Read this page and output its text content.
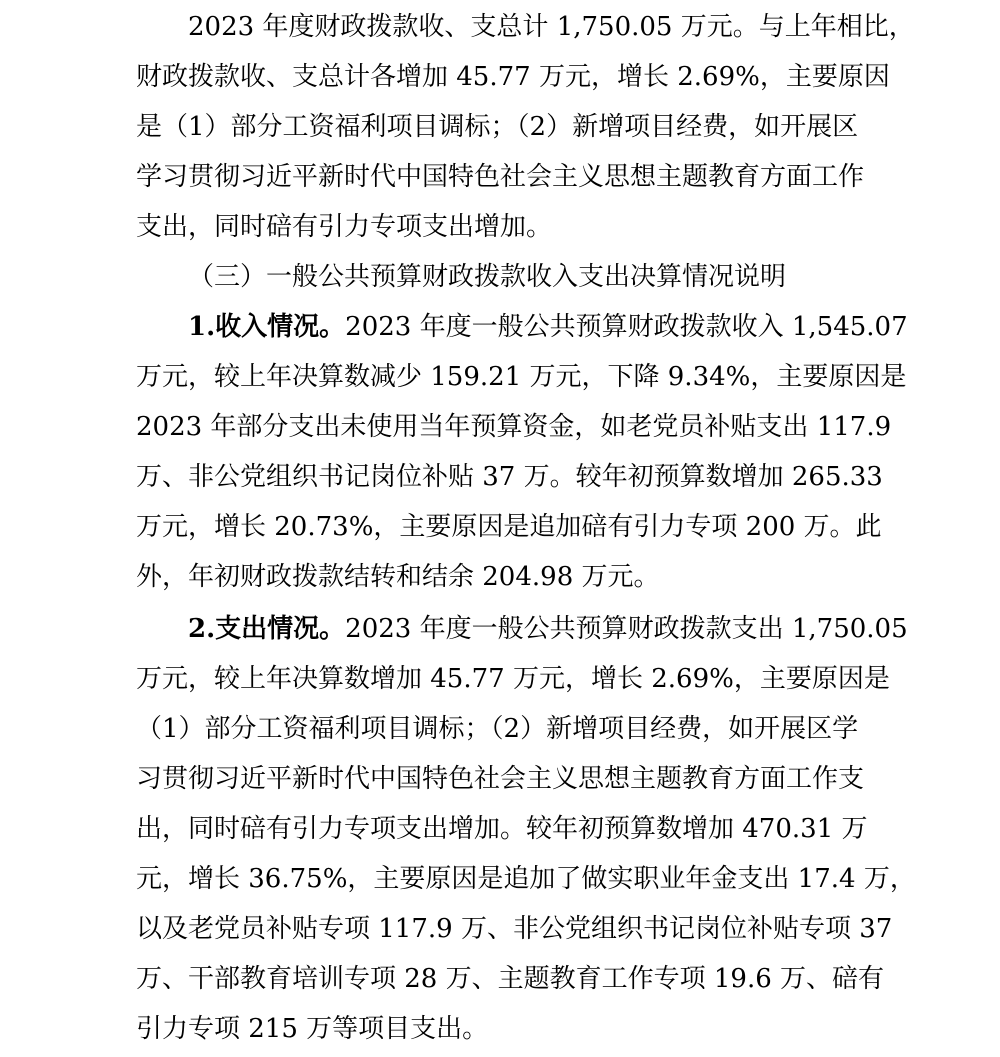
2023 年度财政拨款收、支总计 1,750.05 万元。与上年相比，
财政拨款收、支总计各增加 45.77 万元，增长 2.69%，主要原因
是（1）部分工资福利项目调标；（2）新增项目经费，如开展区
学习贯彻习近平新时代中国特色社会主义思想主题教育方面工作
支出，同时碚有引力专项支出增加。
（三）一般公共预算财政拨款收入支出决算情况说明
1.收入情况。2023 年度一般公共预算财政拨款收入 1,545.07
万元，较上年决算数减少 159.21 万元，下降 9.34%，主要原因是
2023 年部分支出未使用当年预算资金，如老党员补贴支出 117.9
万、非公党组织书记岗位补贴 37 万。较年初预算数增加 265.33
万元，增长 20.73%，主要原因是追加碚有引力专项 200 万。此
外，年初财政拨款结转和结余 204.98 万元。
2.支出情况。2023 年度一般公共预算财政拨款支出 1,750.05
万元，较上年决算数增加 45.77 万元，增长 2.69%，主要原因是
（1）部分工资福利项目调标；（2）新增项目经费，如开展区学
习贯彻习近平新时代中国特色社会主义思想主题教育方面工作支
出，同时碚有引力专项支出增加。较年初预算数增加 470.31 万
元，增长 36.75%，主要原因是追加了做实职业年金支出 17.4 万，
以及老党员补贴专项 117.9 万、非公党组织书记岗位补贴专项 37
万、干部教育培训专项 28 万、主题教育工作专项 19.6 万、碚有
引力专项 215 万等项目支出。
